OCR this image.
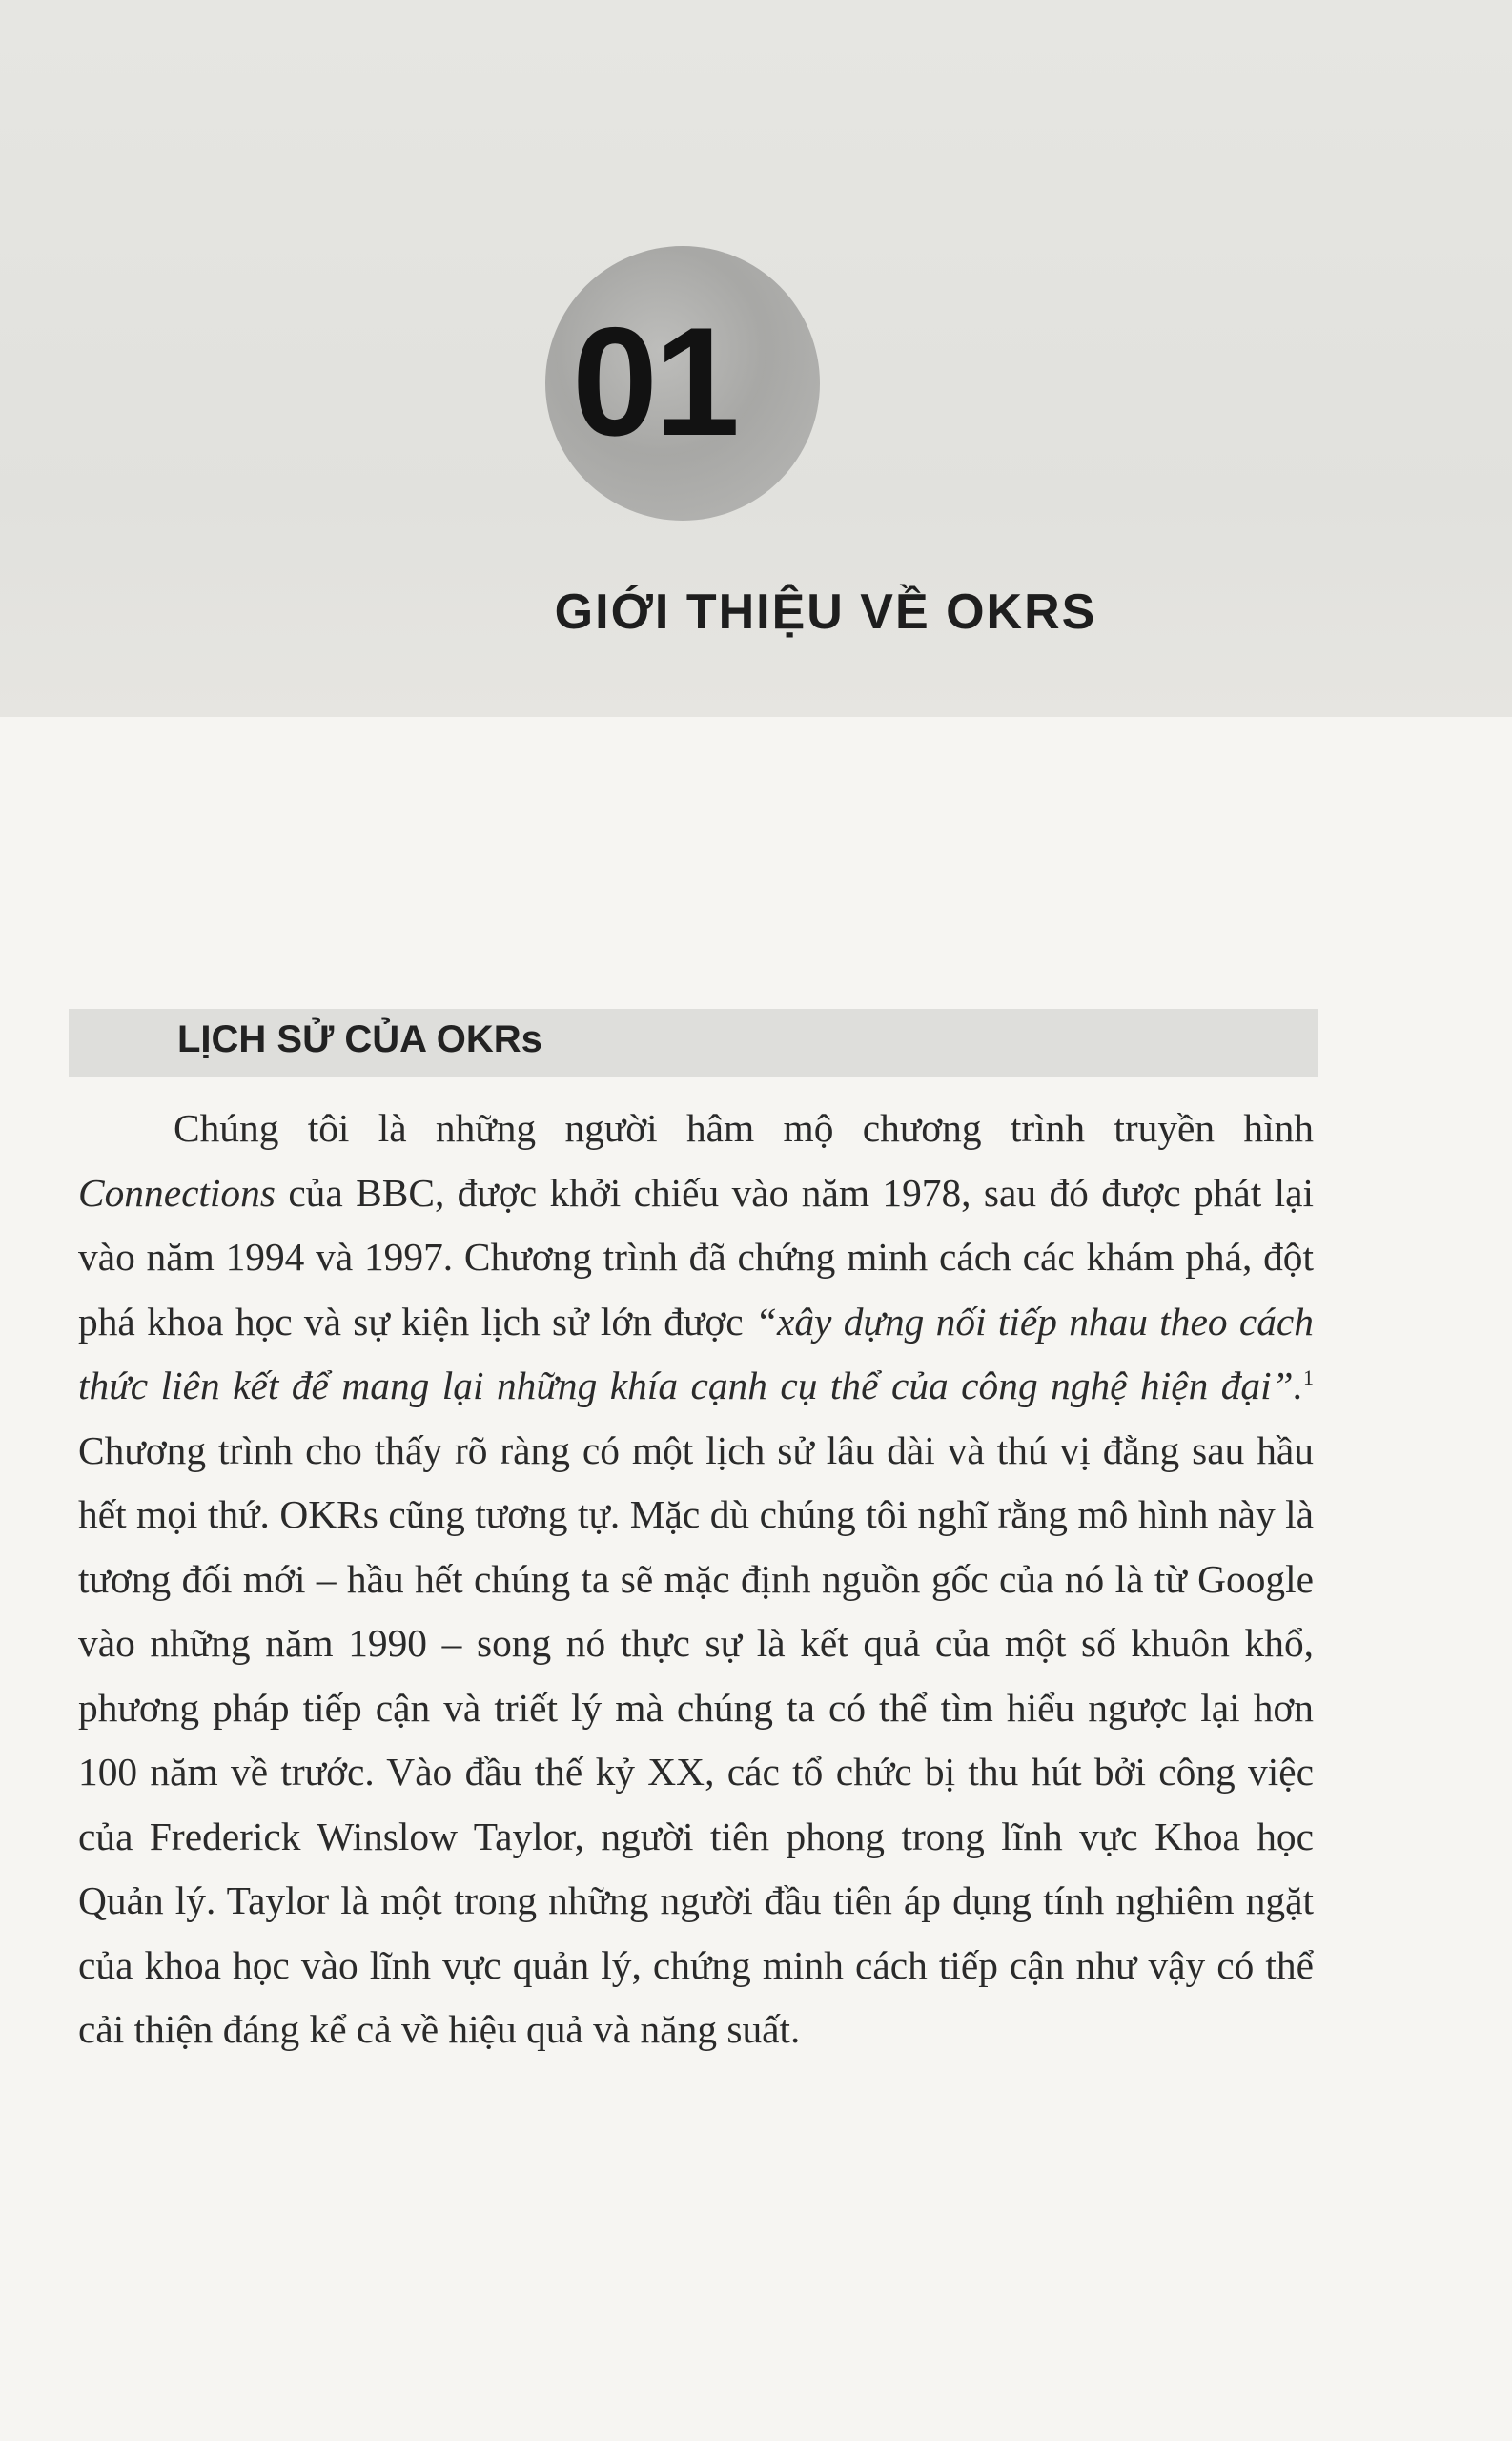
01
GIỚI THIỆU VỀ OKRS
LỊCH SỬ CỦA OKRs
Chúng tôi là những người hâm mộ chương trình truyền hình Connections của BBC, được khởi chiếu vào năm 1978, sau đó được phát lại vào năm 1994 và 1997. Chương trình đã chứng minh cách các khám phá, đột phá khoa học và sự kiện lịch sử lớn được “xây dựng nối tiếp nhau theo cách thức liên kết để mang lại những khía cạnh cụ thể của công nghệ hiện đại”.$^1$ Chương trình cho thấy rõ ràng có một lịch sử lâu dài và thú vị đằng sau hầu hết mọi thứ. OKRs cũng tương tự. Mặc dù chúng tôi nghĩ rằng mô hình này là tương đối mới – hầu hết chúng ta sẽ mặc định nguồn gốc của nó là từ Google vào những năm 1990 – song nó thực sự là kết quả của một số khuôn khổ, phương pháp tiếp cận và triết lý mà chúng ta có thể tìm hiểu ngược lại hơn 100 năm về trước. Vào đầu thế kỷ XX, các tổ chức bị thu hút bởi công việc của Frederick Winslow Taylor, người tiên phong trong lĩnh vực Khoa học Quản lý. Taylor là một trong những người đầu tiên áp dụng tính nghiêm ngặt của khoa học vào lĩnh vực quản lý, chứng minh cách tiếp cận như vậy có thể cải thiện đáng kể cả về hiệu quả và năng suất.
